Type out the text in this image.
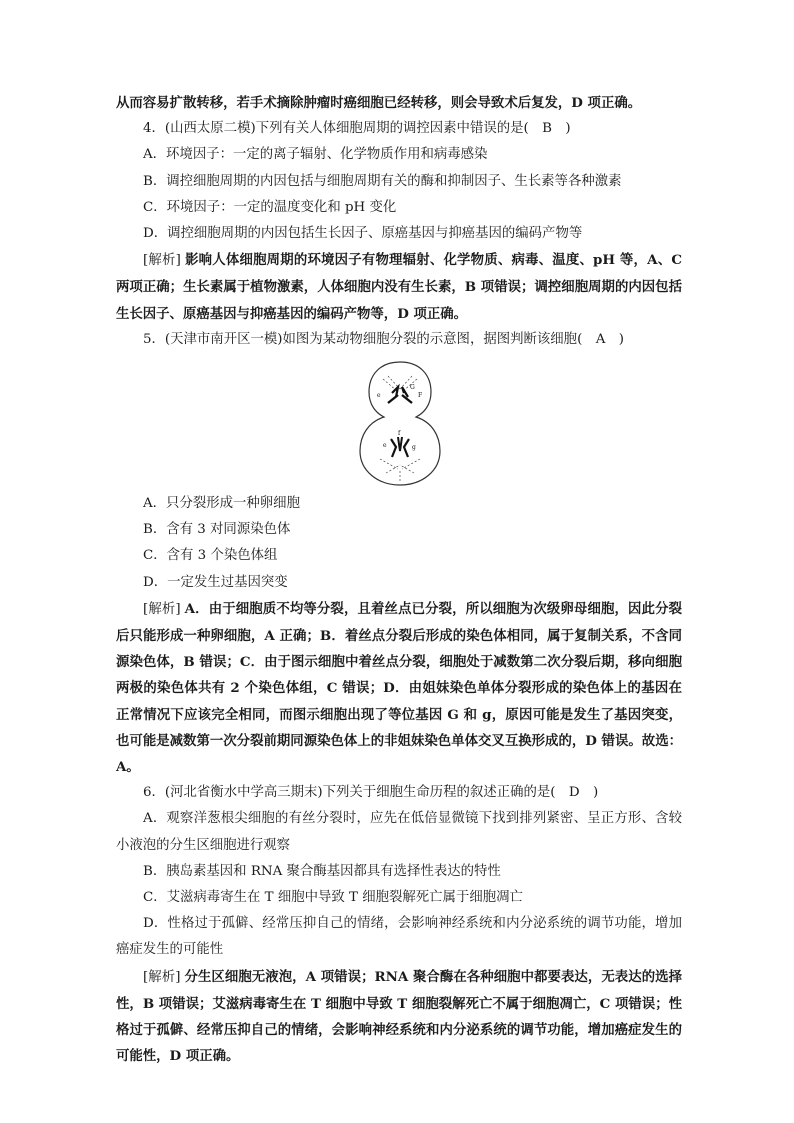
从而容易扩散转移，若手术摘除肿瘤时癌细胞已经转移，则会导致术后复发，D 项正确。

4．(山西太原二模)下列有关人体细胞周期的调控因素中错误的是(　B　)

A．环境因子：一定的离子辐射、化学物质作用和病毒感染

B．调控细胞周期的内因包括与细胞周期有关的酶和抑制因子、生长素等各种激素

C．环境因子：一定的温度变化和 pH 变化

D．调控细胞周期的内因包括生长因子、原癌基因与抑癌基因的编码产物等

[解析] 影响人体细胞周期的环境因子有物理辐射、化学物质、病毒、温度、pH 等，A、C 两项正确；生长素属于植物激素，人体细胞内没有生长素，B 项错误；调控细胞周期的内因包括生长因子、原癌基因与抑癌基因的编码产物等，D 项正确。

5．(天津市南开区一模)如图为某动物细胞分裂的示意图，据图判断该细胞(　A　)

e	F
G
e
f
g

A．只分裂形成一种卵细胞

B．含有 3 对同源染色体

C．含有 3 个染色体组

D．一定发生过基因突变

[解析] A．由于细胞质不均等分裂，且着丝点已分裂，所以细胞为次级卵母细胞，因此分裂后只能形成一种卵细胞，A 正确；B．着丝点分裂后形成的染色体相同，属于复制关系，不含同源染色体，B 错误；C．由于图示细胞中着丝点分裂，细胞处于减数第二次分裂后期，移向细胞两极的染色体共有 2 个染色体组，C 错误；D．由姐妹染色单体分裂形成的染色体上的基因在正常情况下应该完全相同，而图示细胞出现了等位基因 G 和 g，原因可能是发生了基因突变，也可能是减数第一次分裂前期同源染色体上的非姐妹染色单体交叉互换形成的，D 错误。故选：A。

6．(河北省衡水中学高三期末)下列关于细胞生命历程的叙述正确的是(　D　)

A．观察洋葱根尖细胞的有丝分裂时，应先在低倍显微镜下找到排列紧密、呈正方形、含较小液泡的分生区细胞进行观察

B．胰岛素基因和 RNA 聚合酶基因都具有选择性表达的特性

C．艾滋病毒寄生在 T 细胞中导致 T 细胞裂解死亡属于细胞凋亡

D．性格过于孤僻、经常压抑自己的情绪，会影响神经系统和内分泌系统的调节功能，增加癌症发生的可能性

[解析] 分生区细胞无液泡，A 项错误；RNA 聚合酶在各种细胞中都要表达，无表达的选择性，B 项错误；艾滋病毒寄生在 T 细胞中导致 T 细胞裂解死亡不属于细胞凋亡，C 项错误；性格过于孤僻、经常压抑自己的情绪，会影响神经系统和内分泌系统的调节功能，增加癌症发生的可能性，D 项正确。
